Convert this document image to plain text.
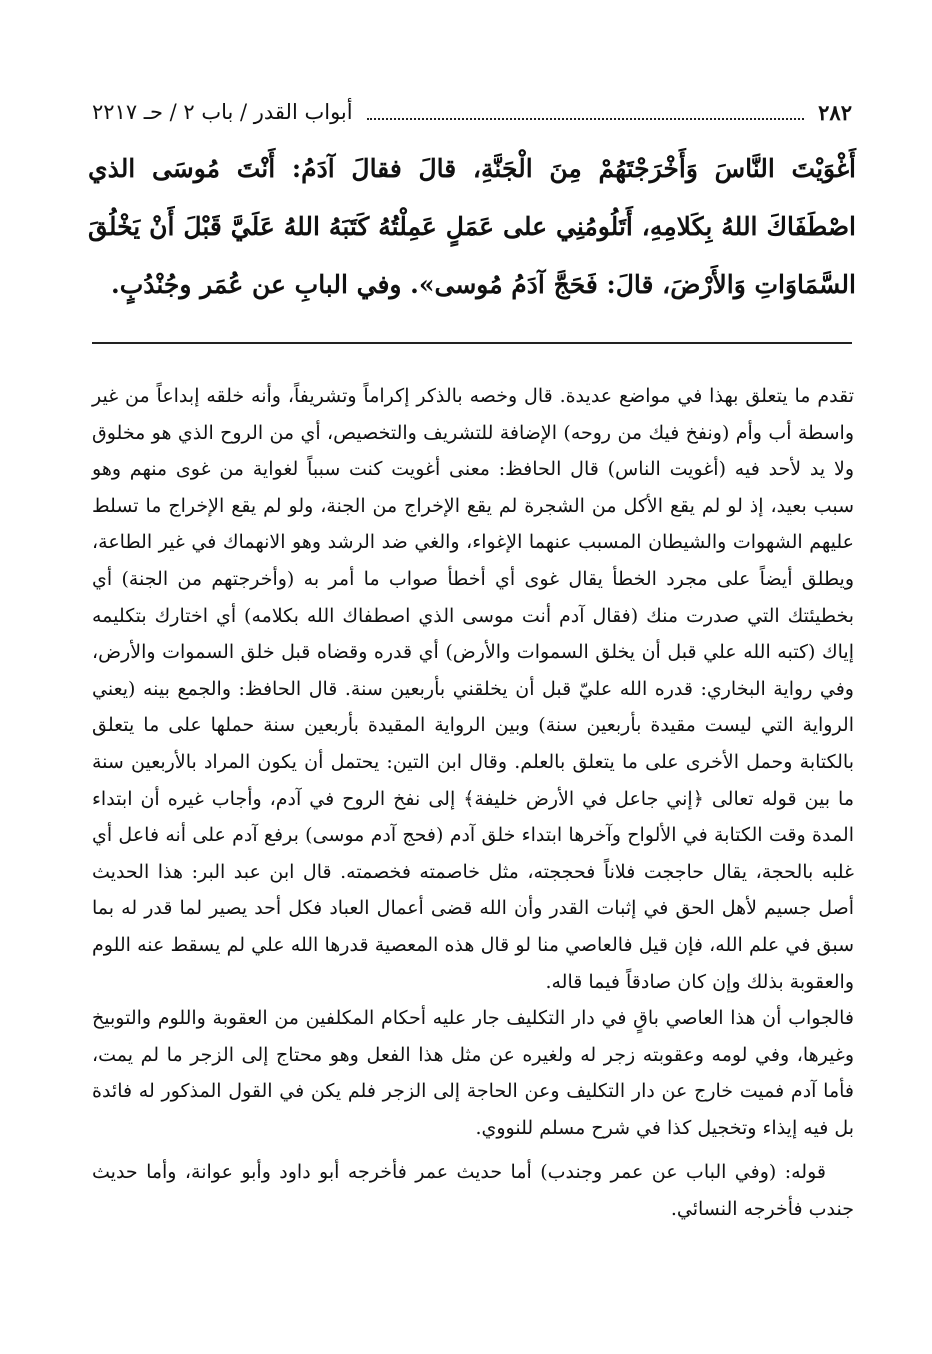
٢٨٢
أبواب القدر / باب ٢ / حـ ٢٢١٧

أَغْوَيْتَ النَّاسَ وَأَخْرَجْتَهُمْ مِنَ الْجَنَّةِ، قالَ فقالَ آدَمُ: أَنْتَ مُوسَى الذي اصْطَفَاكَ اللهُ بِكَلامِهِ، أَتَلُومُنِي على عَمَلٍ عَمِلْتُهُ كَتَبَهُ اللهُ عَلَيَّ قَبْلَ أَنْ يَخْلُقَ السَّمَاوَاتِ وَالأَرْضَ، قالَ: فَحَجَّ آدَمُ مُوسى». وفي البابِ عن عُمَر وجُنْدُبٍ.

تقدم ما يتعلق بهذا في مواضع عديدة. قال وخصه بالذكر إكراماً وتشريفاً، وأنه خلقه إبداعاً من غير واسطة أب وأم (ونفخ فيك من روحه) الإضافة للتشريف والتخصيص، أي من الروح الذي هو مخلوق ولا يد لأحد فيه (أغويت الناس) قال الحافظ: معنى أغويت كنت سبباً لغواية من غوى منهم وهو سبب بعيد، إذ لو لم يقع الأكل من الشجرة لم يقع الإخراج من الجنة، ولو لم يقع الإخراج ما تسلط عليهم الشهوات والشيطان المسبب عنهما الإغواء، والغي ضد الرشد وهو الانهماك في غير الطاعة، ويطلق أيضاً على مجرد الخطأ يقال غوى أي أخطأ صواب ما أمر به (وأخرجتهم من الجنة) أي بخطيئتك التي صدرت منك (فقال آدم أنت موسى الذي اصطفاك الله بكلامه) أي اختارك بتكليمه إياك (كتبه الله علي قبل أن يخلق السموات والأرض) أي قدره وقضاه قبل خلق السموات والأرض، وفي رواية البخاري: قدره الله عليّ قبل أن يخلقني بأربعين سنة. قال الحافظ: والجمع بينه (يعني الرواية التي ليست مقيدة بأربعين سنة) وبين الرواية المقيدة بأربعين سنة حملها على ما يتعلق بالكتابة وحمل الأخرى على ما يتعلق بالعلم. وقال ابن التين: يحتمل أن يكون المراد بالأربعين سنة ما بين قوله تعالى ﴿إني جاعل في الأرض خليفة﴾ إلى نفخ الروح في آدم، وأجاب غيره أن ابتداء المدة وقت الكتابة في الألواح وآخرها ابتداء خلق آدم (فحج آدم موسى) برفع آدم على أنه فاعل أي غلبه بالحجة، يقال حاججت فلاناً فحججته، مثل خاصمته فخصمته. قال ابن عبد البر: هذا الحديث أصل جسيم لأهل الحق في إثبات القدر وأن الله قضى أعمال العباد فكل أحد يصير لما قدر له بما سبق في علم الله، فإن قيل فالعاصي منا لو قال هذه المعصية قدرها الله علي لم يسقط عنه اللوم والعقوبة بذلك وإن كان صادقاً فيما قاله.

فالجواب أن هذا العاصي باقٍ في دار التكليف جار عليه أحكام المكلفين من العقوبة واللوم والتوبيخ وغيرها، وفي لومه وعقوبته زجر له ولغيره عن مثل هذا الفعل وهو محتاج إلى الزجر ما لم يمت، فأما آدم فميت خارج عن دار التكليف وعن الحاجة إلى الزجر فلم يكن في القول المذكور له فائدة بل فيه إيذاء وتخجيل كذا في شرح مسلم للنووي.

قوله: (وفي الباب عن عمر وجندب) أما حديث عمر فأخرجه أبو داود وأبو عوانة، وأما حديث جندب فأخرجه النسائي.
